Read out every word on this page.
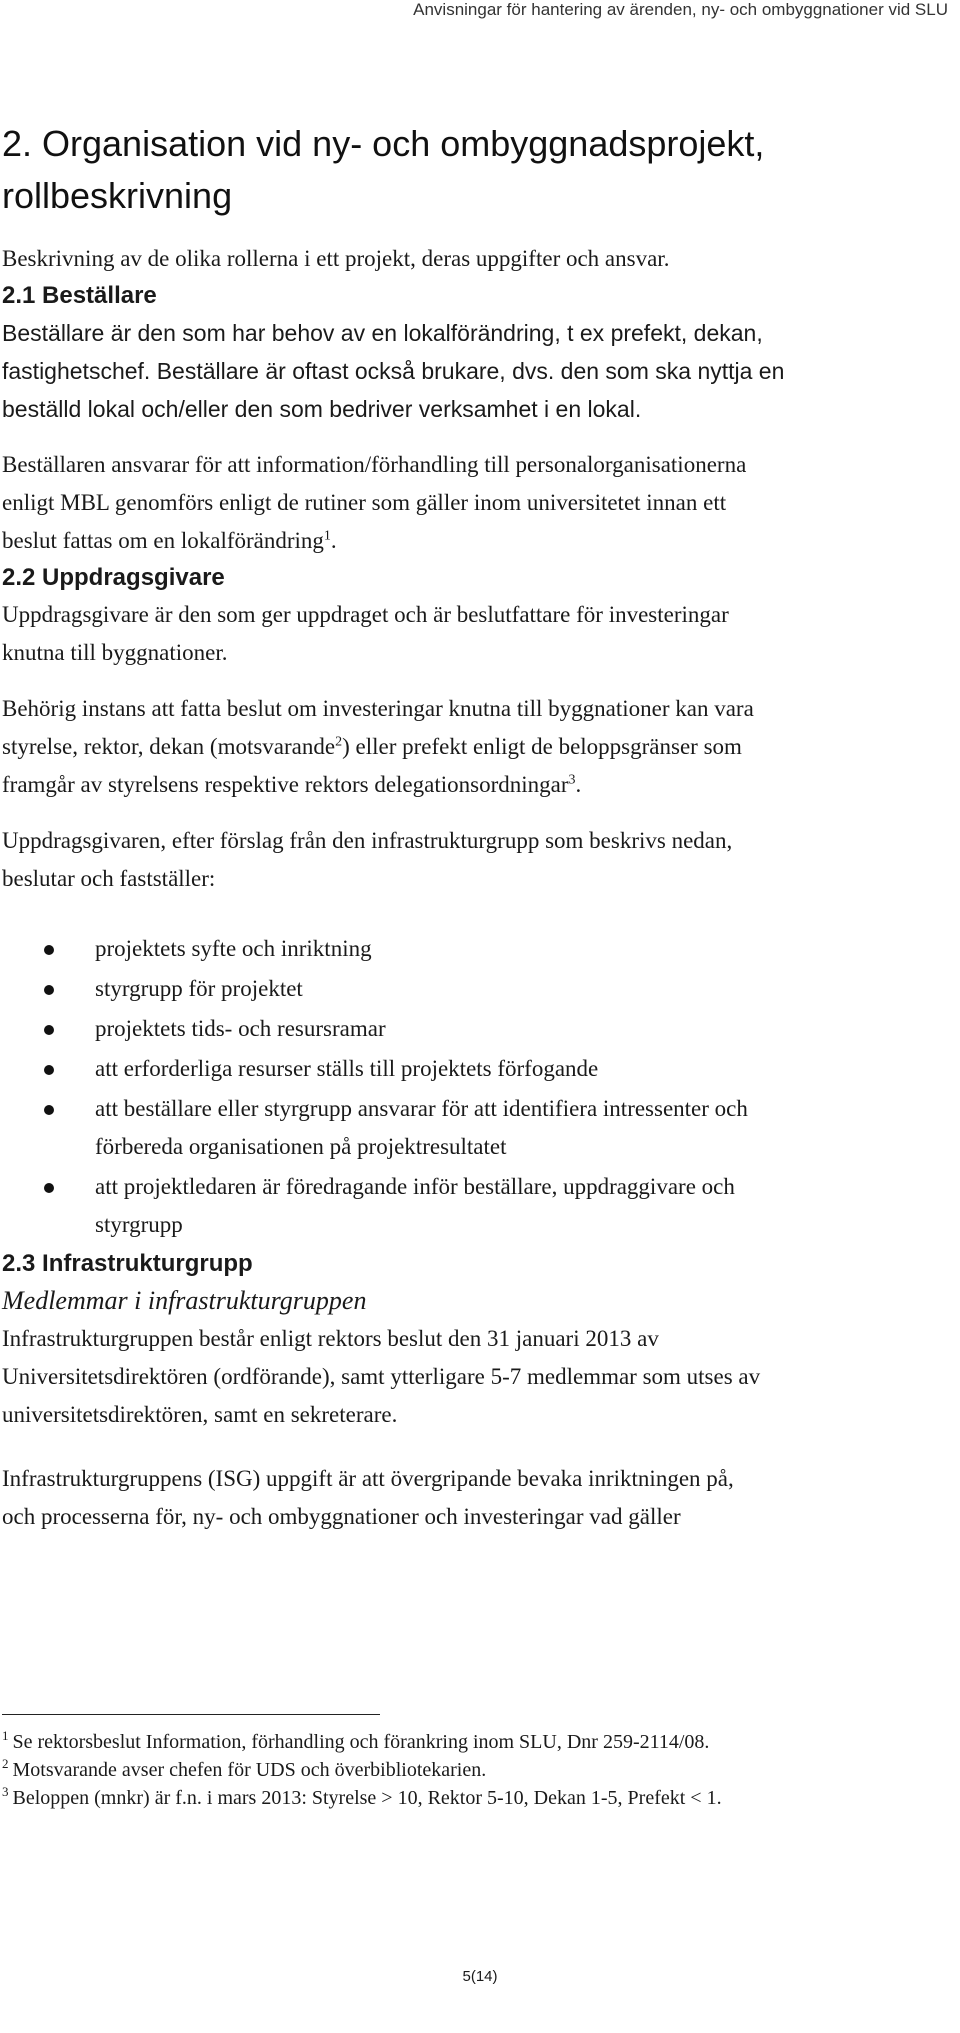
Anvisningar för hantering av ärenden, ny- och ombyggnationer vid SLU
2. Organisation vid ny- och ombyggnadsprojekt,
rollbeskrivning

Beskrivning av de olika rollerna i ett projekt, deras uppgifter och ansvar.

2.1 Beställare

Beställare är den som har behov av en lokalförändring, t ex prefekt, dekan,
fastighetschef. Beställare är oftast också brukare, dvs. den som ska nyttja en
beställd lokal och/eller den som bedriver verksamhet i en lokal.

Beställaren ansvarar för att information/förhandling till personalorganisationerna
enligt MBL genomförs enligt de rutiner som gäller inom universitetet innan ett
beslut fattas om en lokalförändring$^1$.

2.2 Uppdragsgivare

Uppdragsgivare är den som ger uppdraget och är beslutfattare för investeringar
knutna till byggnationer.

Behörig instans att fatta beslut om investeringar knutna till byggnationer kan vara
styrelse, rektor, dekan (motsvarande$^2$) eller prefekt enligt de beloppsgränser som
framgår av styrelsens respektive rektors delegationsordningar$^3$.

Uppdragsgivaren, efter förslag från den infrastrukturgrupp som beskrivs nedan,
beslutar och fastställer:

projektets syfte och inriktning
styrgrupp för projektet
projektets tids- och resursramar
att erforderliga resurser ställs till projektets förfogande
att beställare eller styrgrupp ansvarar för att identifiera intressenter och
förbereda organisationen på projektresultatet
att projektledaren är föredragande inför beställare, uppdraggivare och
styrgrupp
2.3 Infrastrukturgrupp
Medlemmar i infrastrukturgruppen

Infrastrukturgruppen består enligt rektors beslut den 31 januari 2013 av
Universitetsdirektören (ordförande), samt ytterligare 5-7 medlemmar som utses av
universitetsdirektören, samt en sekreterare.

Infrastrukturgruppens (ISG) uppgift är att övergripande bevaka inriktningen på,
och processerna för, ny- och ombyggnationer och investeringar vad gäller

$^1$ Se rektorsbeslut Information, förhandling och förankring inom SLU, Dnr 259-2114/08.
$^2$ Motsvarande avser chefen för UDS och överbibliotekarien.
$^3$ Beloppen (mnkr) är f.n. i mars 2013: Styrelse > 10, Rektor 5-10, Dekan 1-5, Prefekt < 1.
5(14)
